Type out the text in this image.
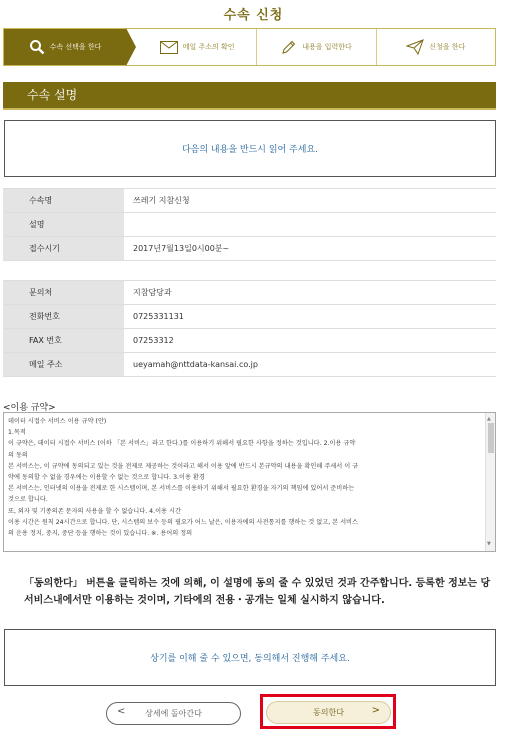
수속 신청
수속 선택을 한다	메일 주소의 확인	내용을 입력한다	신청을 한다
수속 설명
다음의 내용을 반드시 읽어 주세요.
수속명	쓰레기 지참신청
설명	
접수시기	2017년7월13일0시00분~
문의처	지참담당과
전화번호	0725331131
FAX 번호	07253312
메일 주소	ueyamah@nttdata-kansai.co.jp
<이용 규약>

데이터 시접수 서비스 이용 규약 (안)

1.목적

이 규약은, 데이터 시접수 서비스 (이하 「본 서비스」라고 한다.)를 이용하기 위해서 필요한 사항을 정하는 것입니다. 2.이용 규약

의 동의

본 서비스는, 이 규약에 동의되고 있는 것을 전제로 제공하는 것이라고 해서 이용 앞에 반드시 본규약의 내용을 확인해 주세서 이 규

약에 동의할 수 없을 경우에는 이용할 수 없는 것으로 합니다. 3.이용 환경

본 서비스는, 인터넷의 이용을 전제로 한 시스템이며, 본 서비스를 이용하기 위해서 필요한 환경을 자기의 책임에 있어서 준비하는

것으로 합니다.

또, 외자 및 기종의존 문자의 사용을 할 수 없습니다. 4.이용 시간

이용 시간은 원칙 24시간으로 합니다. 단, 시스템의 보수 등의 필요가 어느 날은, 이용자에의 사전통지를 행하는 것 없고, 본 서비스

의 운용 정지, 중지, 중단 등을 행하는 것이 있습니다. ※. 용어의 정의

▲
▼
「동의한다」 버튼을 클릭하는 것에 의해, 이 설명에 동의 줄 수 있었던 것과 간주합니다. 등록한 정보는 당 서비스내에서만 이용하는 것이며, 기타에의 전용・공개는 일체 실시하지 않습니다.
상기를 이해 줄 수 있으면, 동의해서 진행해 주세요.
< 상세에 돌아간다	동의한다	>
